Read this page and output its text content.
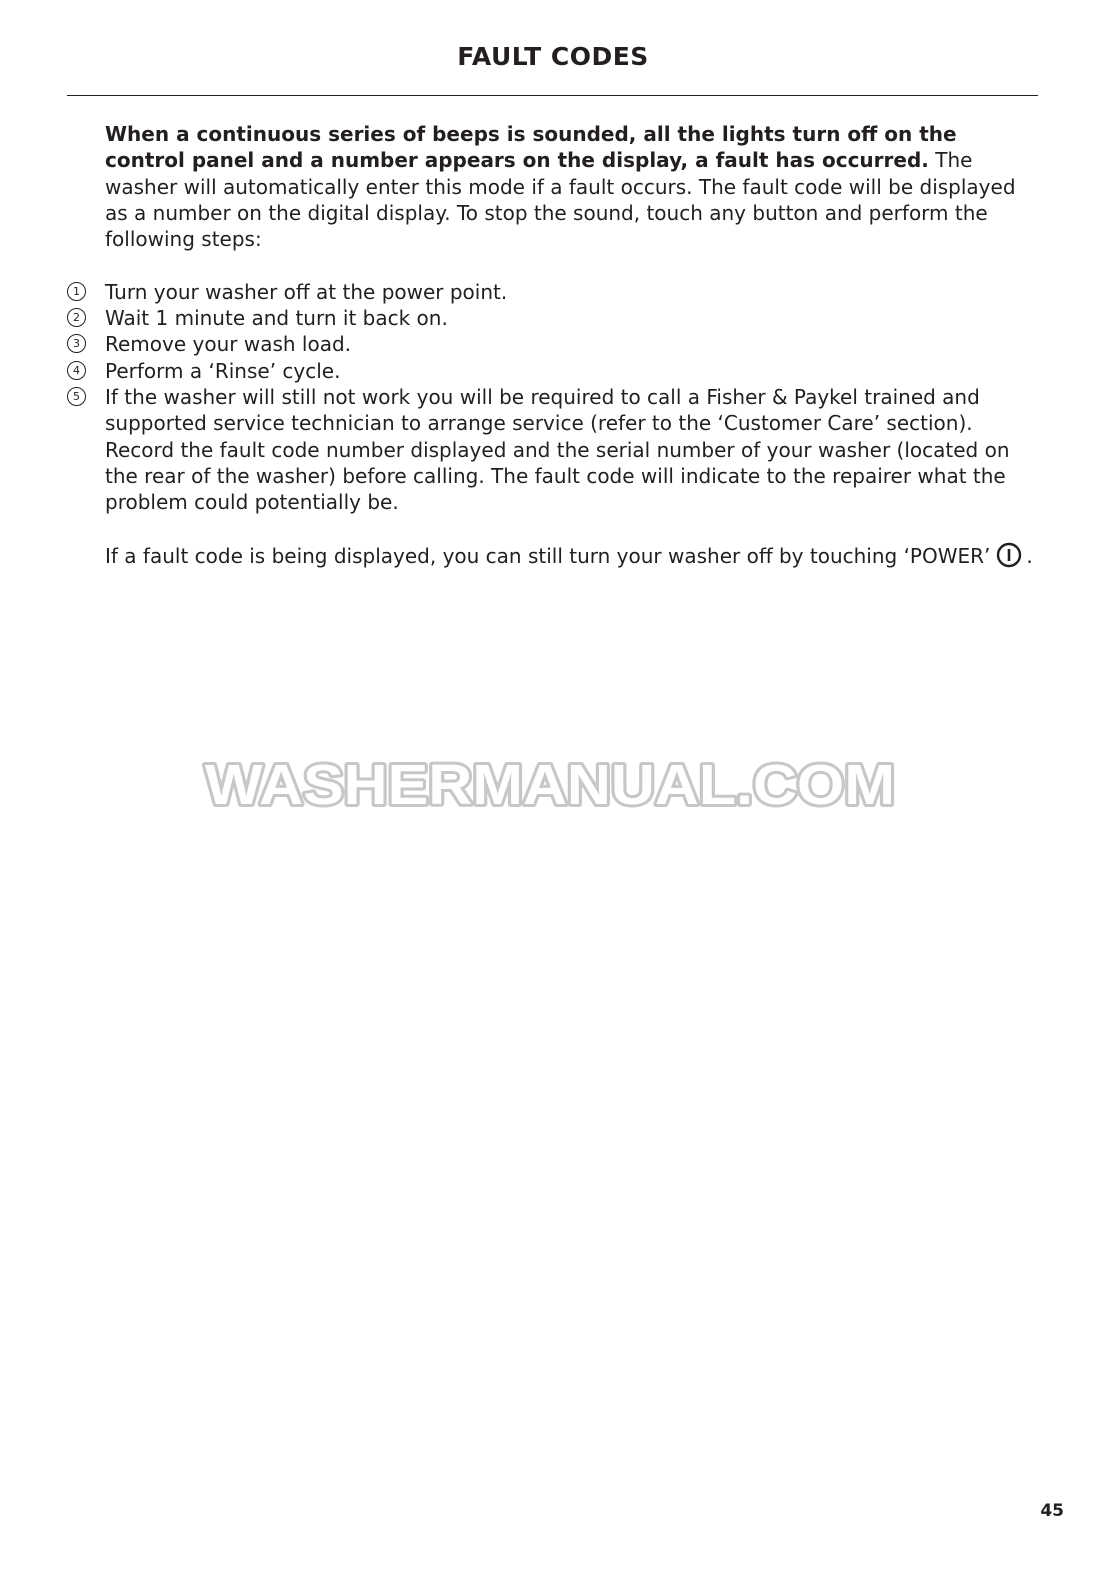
FAULT CODES

When a continuous series of beeps is sounded, all the lights turn off on the control panel and a number appears on the display, a fault has occurred. The washer will automatically enter this mode if a fault occurs. The fault code will be displayed as a number on the digital display. To stop the sound, touch any button and perform the following steps:

1	Turn your washer off at the power point.
2	Wait 1 minute and turn it back on.
3	Remove your wash load.
4	Perform a ‘Rinse’ cycle.
5	If the washer will still not work you will be required to call a Fisher & Paykel trained and supported service technician to arrange service (refer to the ‘Customer Care’ section). Record the fault code number displayed and the serial number of your washer (located on the rear of the washer) before calling. The fault code will indicate to the repairer what the problem could potentially be.

If a fault code is being displayed, you can still turn your washer off by touching ‘POWER’ .

WASHERMANUAL.COM
45
